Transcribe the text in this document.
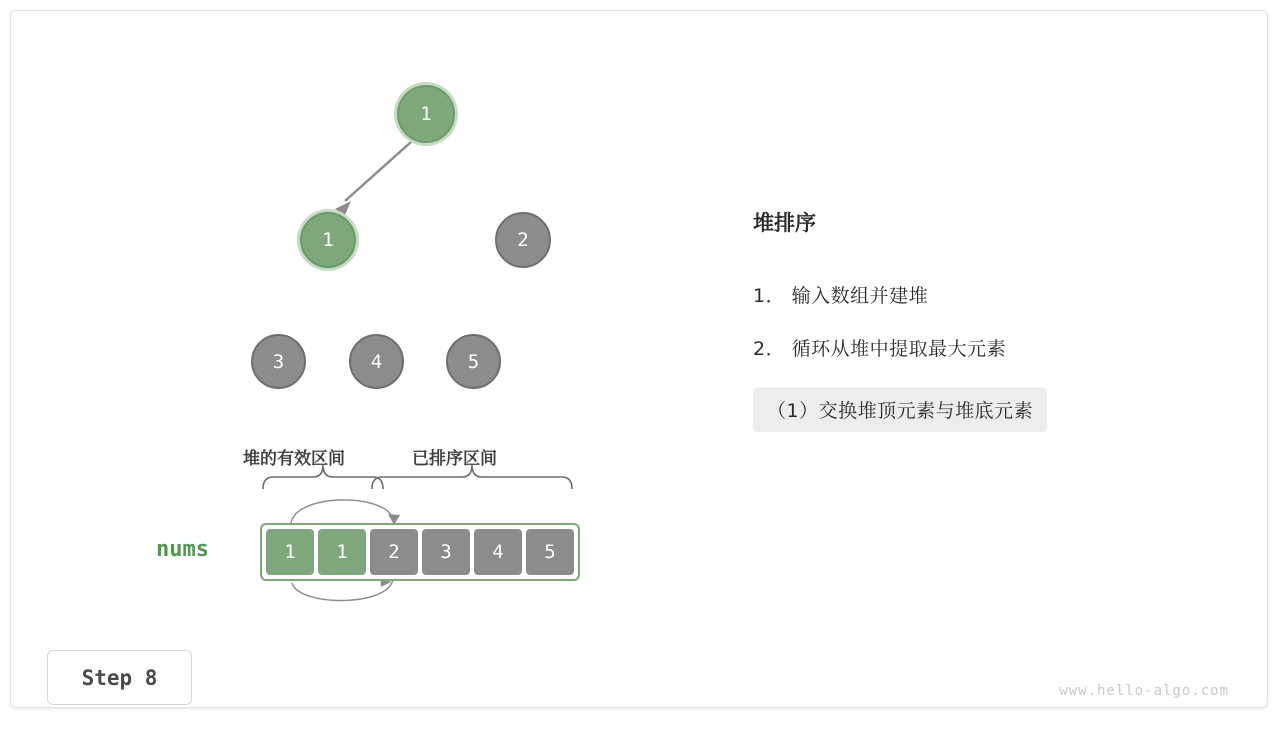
1
1	2
3	4	5
堆的有效区间	已排序区间
nums	1 1 2 3 4 5
堆排序
1． 输入数组并建堆
2． 循环从堆中提取最大元素
（1）交换堆顶元素与堆底元素
Step 8
www.hello-algo.com
